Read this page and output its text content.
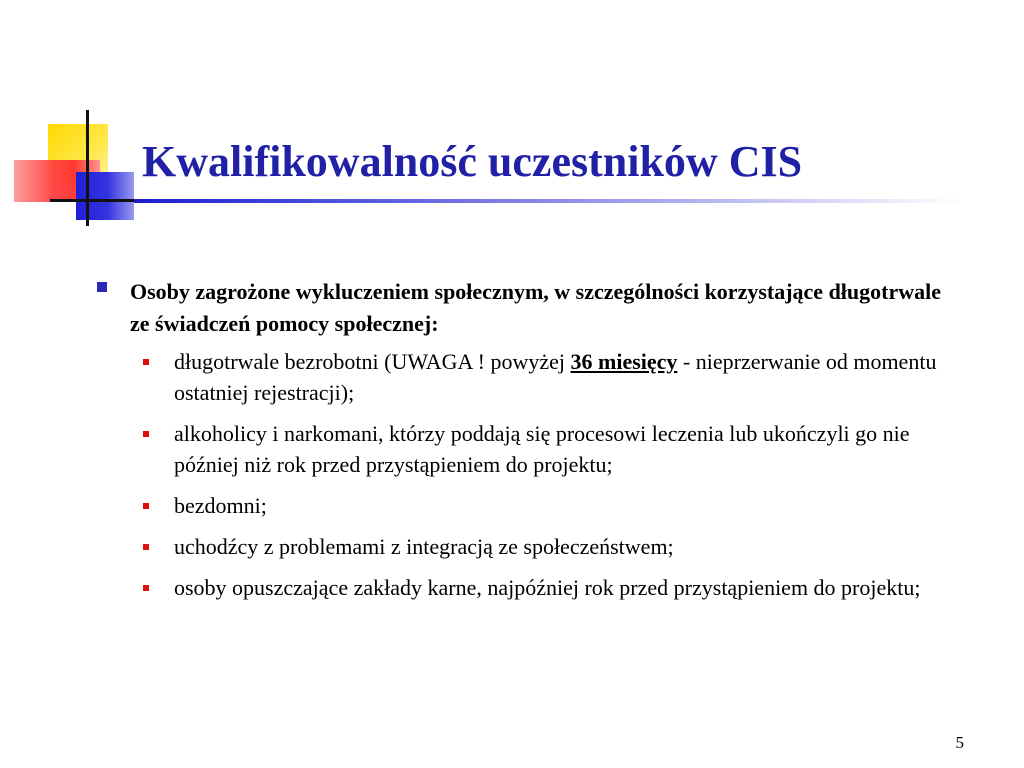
Kwalifikowalność uczestników CIS
Osoby zagrożone wykluczeniem społecznym, w szczególności korzystające długotrwale ze świadczeń pomocy społecznej:
długotrwale bezrobotni (UWAGA ! powyżej 36 miesięcy - nieprzerwanie od momentu ostatniej rejestracji);
alkoholicy i narkomani, którzy poddają się procesowi leczenia lub ukończyli go nie później niż rok przed przystąpieniem do projektu;
bezdomni;
uchodźcy z problemami z integracją ze społeczeństwem;
osoby opuszczające zakłady karne, najpóźniej rok przed przystąpieniem do projektu;
5
